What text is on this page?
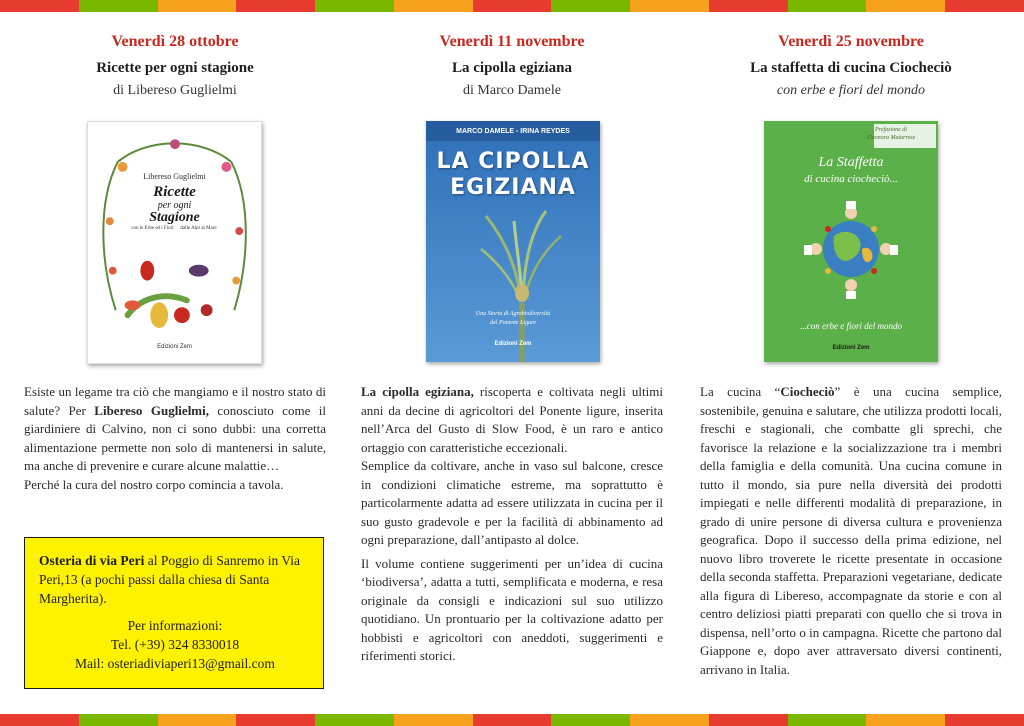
Venerdì 28 ottobre
Ricette per ogni stagione
di Libereso Guglielmi
Libereso Guglielmi
Ricette
per ogni
Stagione
con le Erbe ed i Fiori	dalle Alpi al Mare
Edizioni Zem

Esiste un legame tra ciò che mangiamo e il nostro stato di salute? Per Libereso Guglielmi, conosciuto come il giardiniere di Calvino, non ci sono dubbi: una corretta alimentazione permette non solo di mantenersi in salute, ma anche di prevenire e curare alcune malattie…

Perché la cura del nostro corpo comincia a tavola.

Osteria di via Peri al Poggio di Sanremo in Via Peri,13 (a pochi passi dalla chiesa di Santa Margherita).

Per informazioni:

Tel. (+39) 324 8330018

Mail: osteriadiviaperi13@gmail.com

Venerdì 11 novembre
La cipolla egiziana
di Marco Damele
MARCO DAMELE - IRINA REYDES
LA CIPOLLA
EGIZIANA
Una Storia di Agrobiodiversità
del Ponente Ligure
Edizioni Zem

La cipolla egiziana, riscoperta e coltivata negli ultimi anni da decine di agricoltori del Ponente ligure, inserita nell’Arca del Gusto di Slow Food, è un raro e antico ortaggio con caratteristiche eccezionali.

Semplice da coltivare, anche in vaso sul balcone, cresce in condizioni climatiche estreme, ma soprattutto è particolarmente adatta ad essere utilizzata in cucina per il suo gusto gradevole e per la facilità di abbinamento ad ogni preparazione, dall’antipasto al dolce.

Il volume contiene suggerimenti per un’idea di cucina ‘biodiversa’, adatta a tutti, semplificata e moderna, e resa originale da consigli e indicazioni sul suo utilizzo quotidiano. Un prontuario per la coltivazione adatto per hobbisti e agricoltori con aneddoti, suggerimenti e riferimenti storici.

Venerdì 25 novembre
La staffetta di cucina Ciocheciò
con erbe e fiori del mondo
Prefazione di
Eleonora Matarrese
La Staffetta
di cucina ciocheciò...
...con erbe e fiori del mondo
Edizioni Zem

La cucina “Ciocheciò” è una cucina semplice, sostenibile, genuina e salutare, che utilizza prodotti locali, freschi e stagionali, che combatte gli sprechi, che favorisce la relazione e la socializzazione tra i membri della famiglia e della comunità. Una cucina comune in tutto il mondo, sia pure nella diversità dei prodotti impiegati e nelle differenti modalità di preparazione, in grado di unire persone di diversa cultura e provenienza geografica. Dopo il successo della prima edizione, nel nuovo libro troverete le ricette presentate in occasione della seconda staffetta. Preparazioni vegetariane, dedicate alla figura di Libereso, accompagnate da storie e con al centro deliziosi piatti preparati con quello che si trova in dispensa, nell’orto o in campagna. Ricette che partono dal Giappone e, dopo aver attraversato diversi continenti, arrivano in Italia.
